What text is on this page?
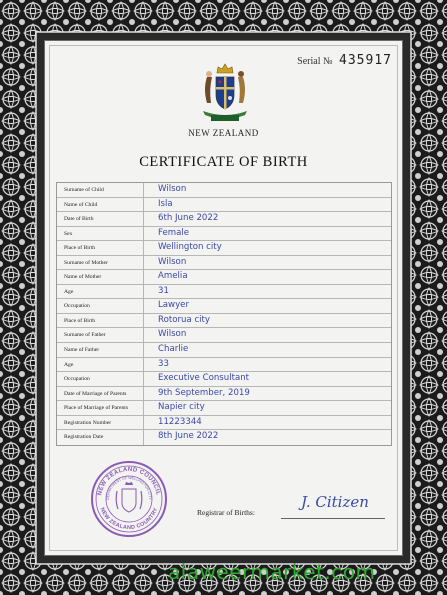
Serial № 435917
NEW ZEALAND
CERTIFICATE OF BIRTH
Surname of Child	Wilson
Name of Child	Isla
Date of Birth	6th June 2022
Sex	Female
Place of Birth	Wellington city
Surname of Mother	Wilson
Name of Mother	Amelia
Age	31
Occupation	Lawyer
Place of Birth	Rotorua city
Surname of Father	Wilson
Name of Father	Charlie
Age	33
Occupation	Executive Consultant
Date of Marriage of Parents	9th September, 2019
Place of Marriage of Parents	Napier city
Registration Number	11223344
Registration Date	8th June 2022
NEW ZEALAND COUNCIL
NEW ZEALAND COUNTRY
DEPARTMENT OF WELLINGTON CITY
Registrar of Births:
J. Citizen
alaweermarket.com
